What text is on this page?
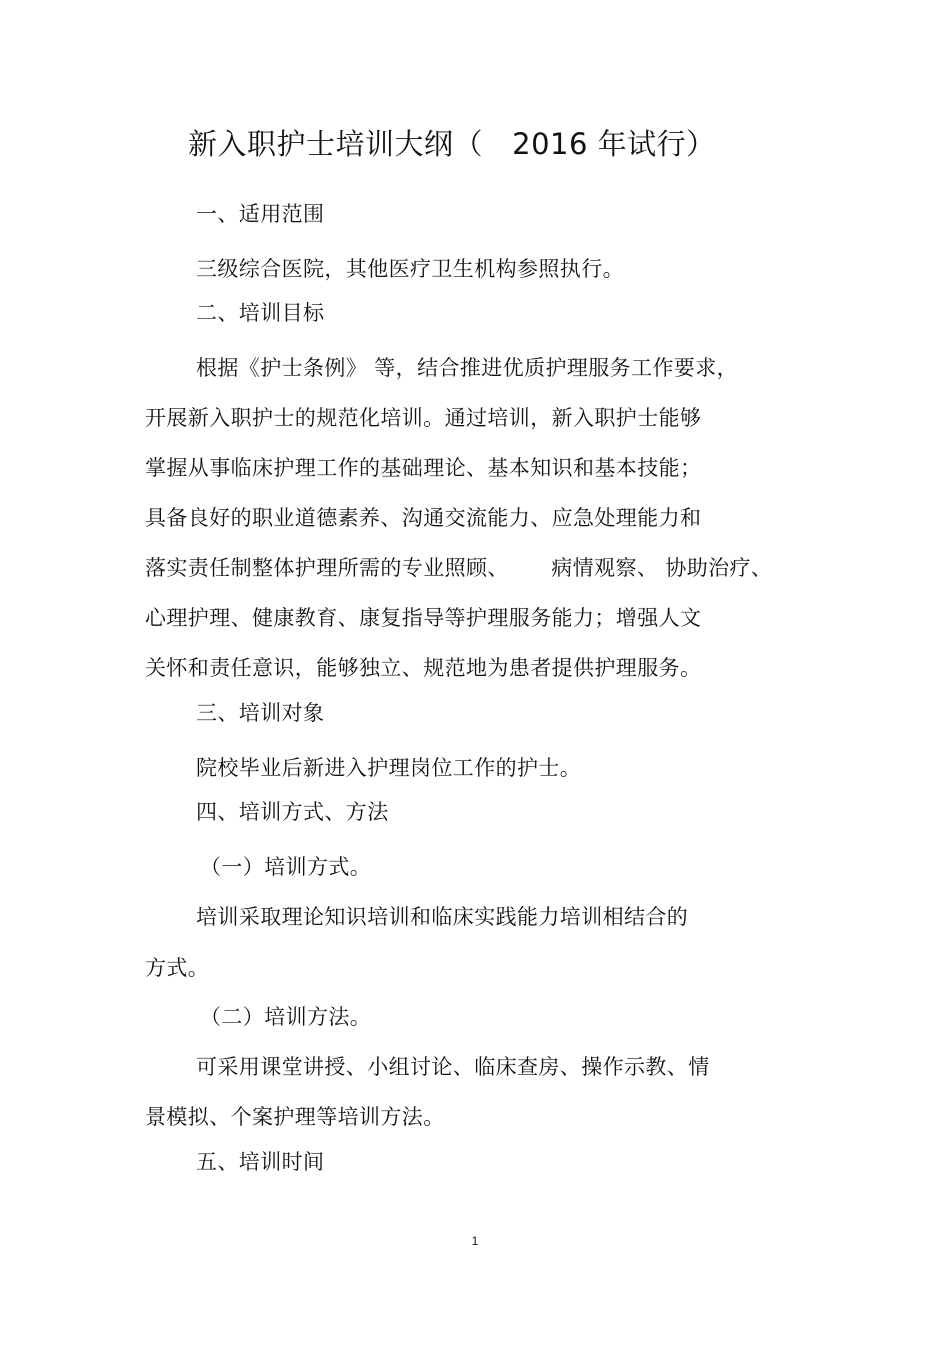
新入职护士培训大纲（   2016 年试行）
一、适用范围
三级综合医院，其他医疗卫生机构参照执行。
二、培训目标
根据《护士条例》 等，结合推进优质护理服务工作要求，
开展新入职护士的规范化培训。通过培训，新入职护士能够
掌握从事临床护理工作的基础理论、基本知识和基本技能；
具备良好的职业道德素养、沟通交流能力、应急处理能力和
落实责任制整体护理所需的专业照顾、      病情观察、 协助治疗、
心理护理、健康教育、康复指导等护理服务能力；增强人文
关怀和责任意识，能够独立、规范地为患者提供护理服务。
三、培训对象
院校毕业后新进入护理岗位工作的护士。
四、培训方式、方法
（一）培训方式。
培训采取理论知识培训和临床实践能力培训相结合的
方式。
（二）培训方法。
可采用课堂讲授、小组讨论、临床查房、操作示教、情
景模拟、个案护理等培训方法。
五、培训时间
1
